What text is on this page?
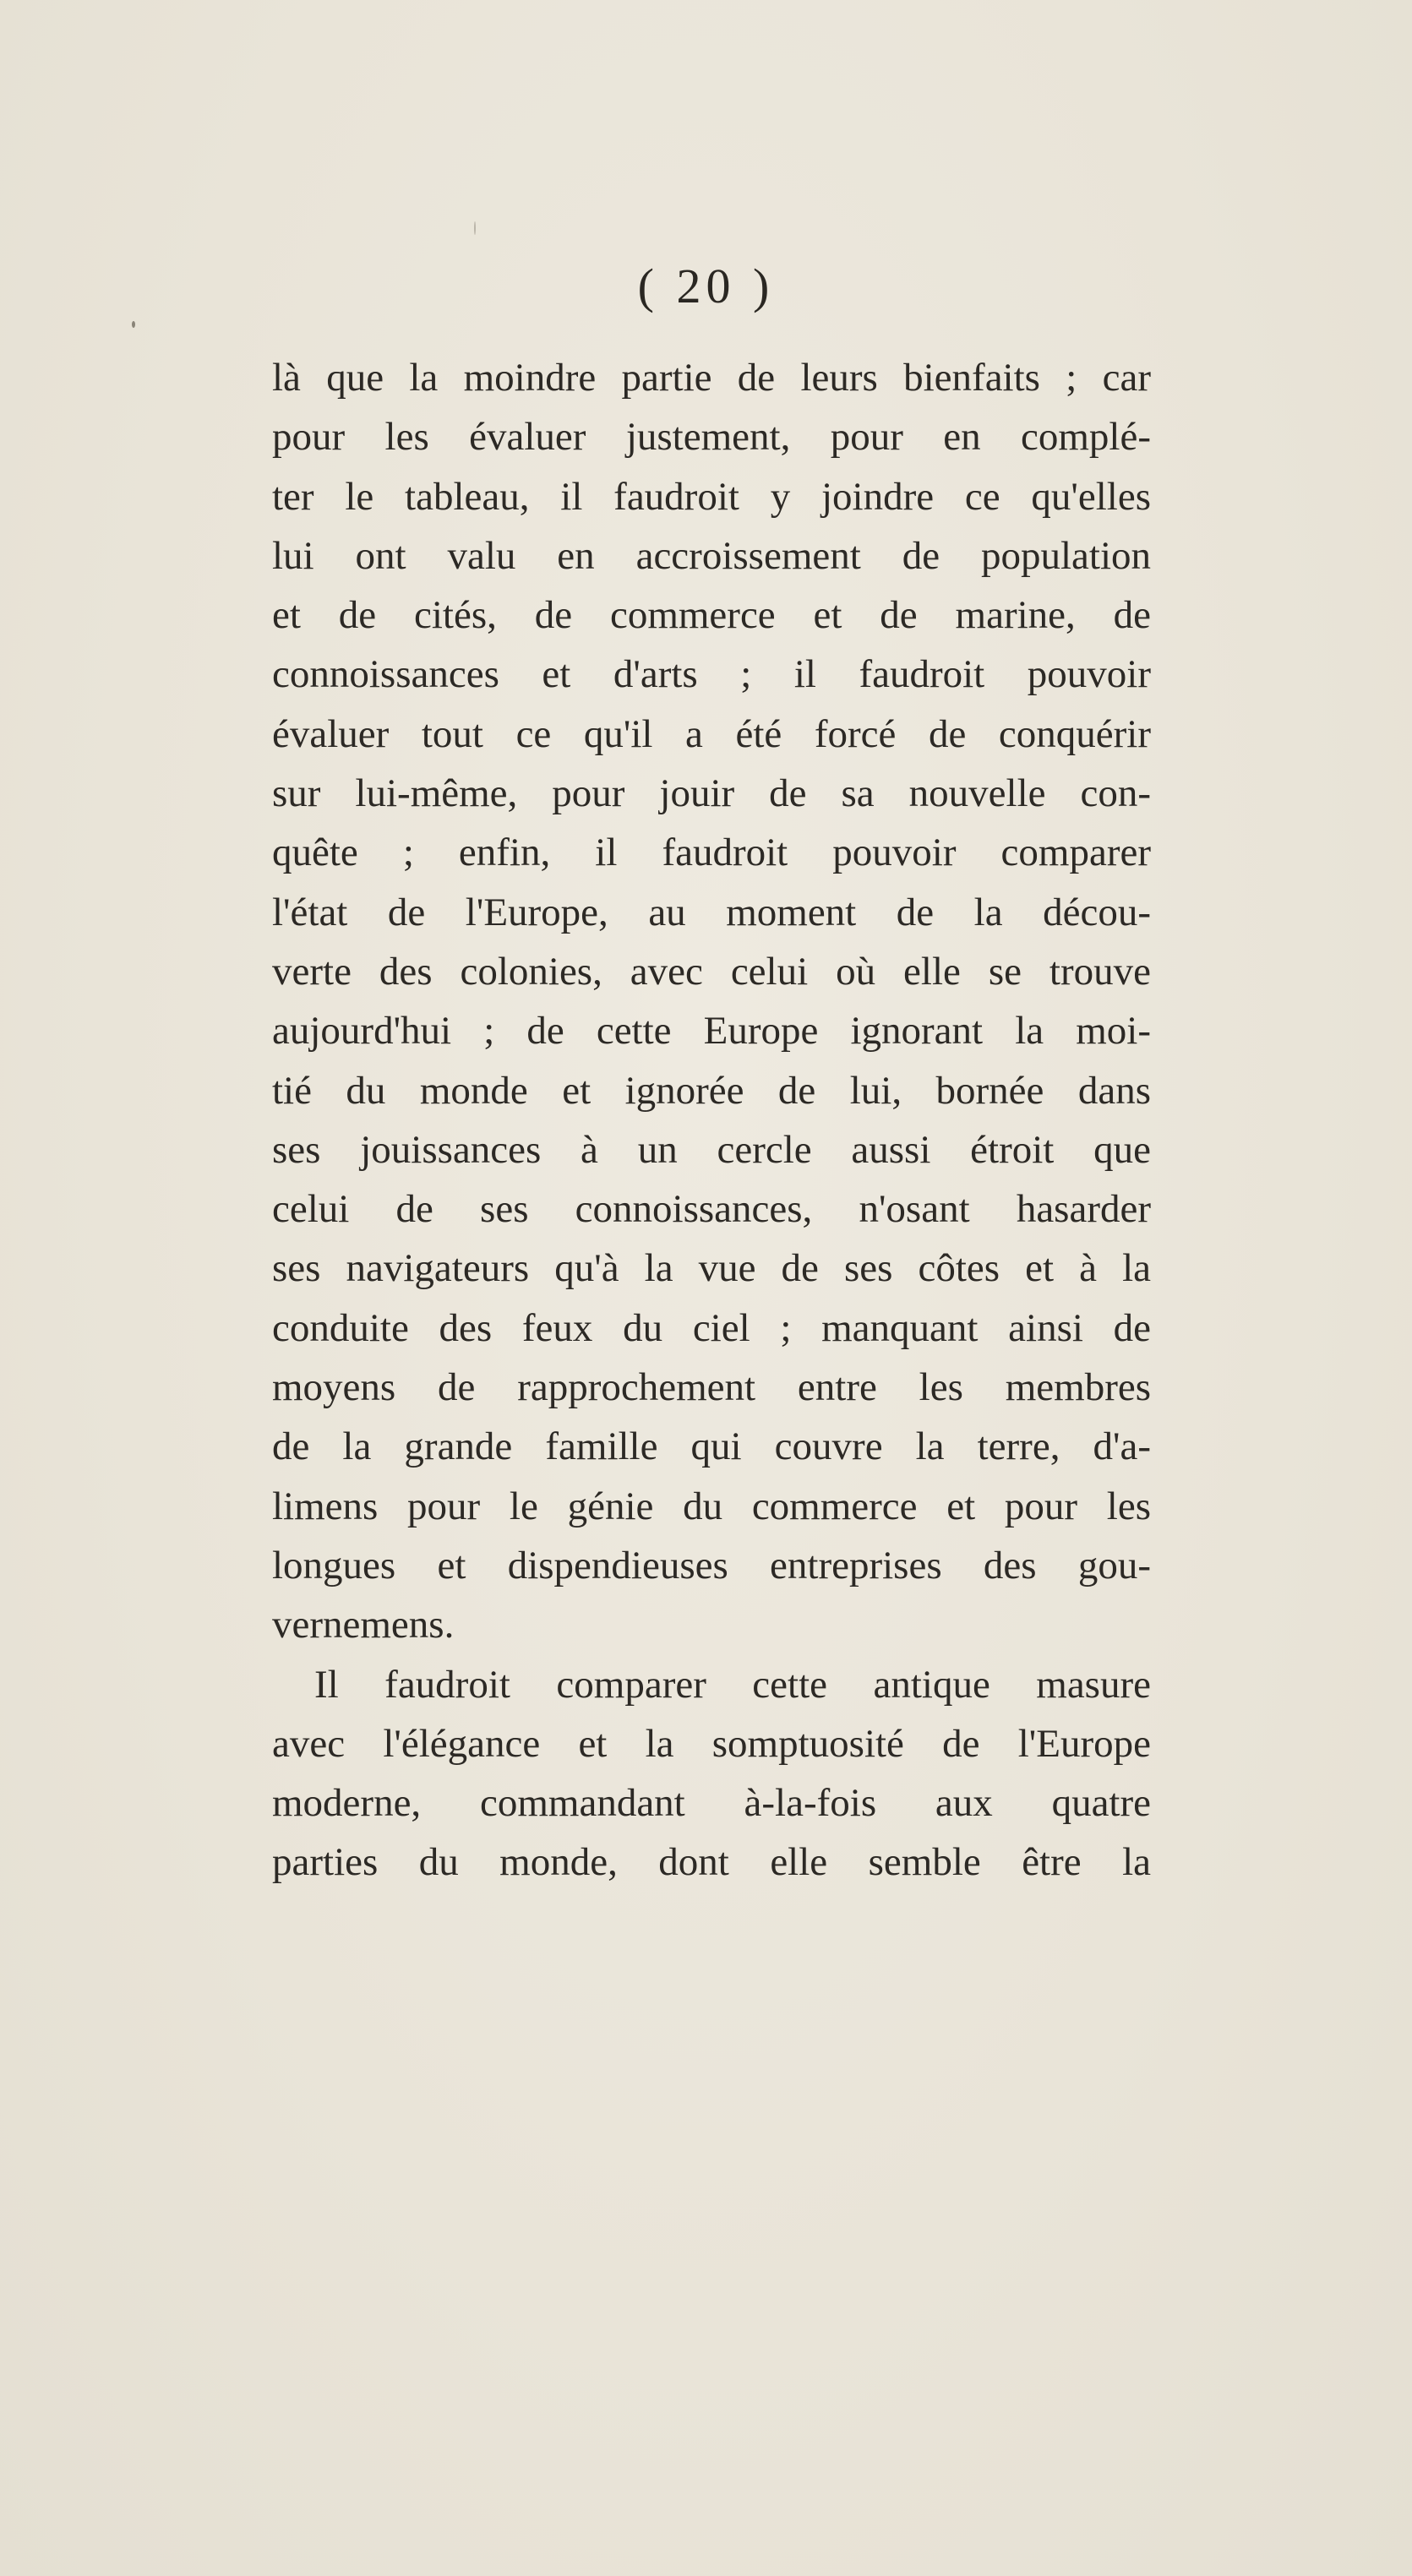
( 20 )
là que la moindre partie de leurs bienfaits ; car
pour les évaluer justement, pour en complé-
ter le tableau, il faudroit y joindre ce qu'elles
lui ont valu en accroissement de population
et de cités, de commerce et de marine, de
connoissances et d'arts ; il faudroit pouvoir
évaluer tout ce qu'il a été forcé de conquérir
sur lui-même, pour jouir de sa nouvelle con-
quête ; enfin, il faudroit pouvoir comparer
l'état de l'Europe, au moment de la décou-
verte des colonies, avec celui où elle se trouve
aujourd'hui ; de cette Europe ignorant la moi-
tié du monde et ignorée de lui, bornée dans
ses jouissances à un cercle aussi étroit que
celui de ses connoissances, n'osant hasarder
ses navigateurs qu'à la vue de ses côtes et à la
conduite des feux du ciel ; manquant ainsi de
moyens de rapprochement entre les membres
de la grande famille qui couvre la terre, d'a-
limens pour le génie du commerce et pour les
longues et dispendieuses entreprises des gou-
vernemens.
Il faudroit comparer cette antique masure
avec l'élégance et la somptuosité de l'Europe
moderne, commandant à-la-fois aux quatre
parties du monde, dont elle semble être la
